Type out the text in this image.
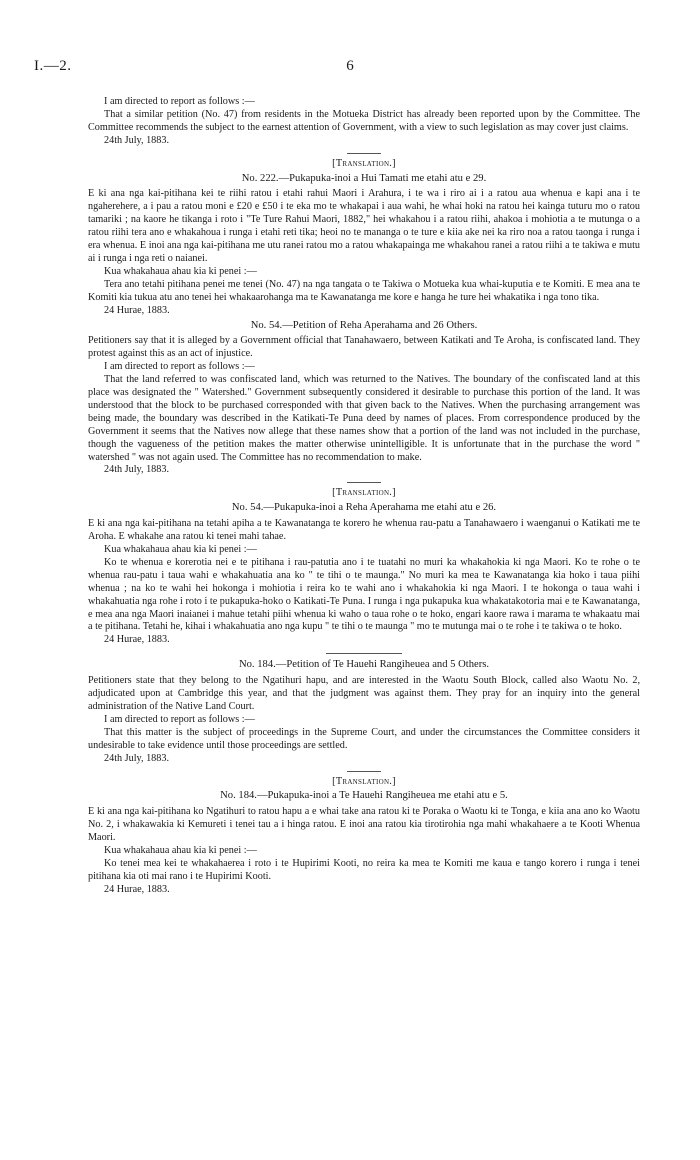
I.—2.	6

I am directed to report as follows :—

That a similar petition (No. 47) from residents in the Motueka District has already been reported upon by the Committee. The Committee recommends the subject to the earnest attention of Government, with a view to such legislation as may cover just claims.

24th July, 1883.

[Translation.]

No. 222.—Pukapuka-inoi a Hui Tamati me etahi atu e 29.

E ki ana nga kai-pitihana kei te riihi ratou i etahi rahui Maori i Arahura, i te wa i riro ai i a ratou aua whenua e kapi ana i te ngaherehere, a i pau a ratou moni e £20 e £50 i te eka mo te whakapai i aua wahi, he whai hoki na ratou hei kainga tuturu mo o ratou tamariki ; na kaore he tikanga i roto i "Te Ture Rahui Maori, 1882," hei whakahou i a ratou riihi, ahakoa i mohiotia a te mutunga o a ratou riihi tera ano e whakahoua i runga i etahi reti tika; heoi no te mananga o te ture e kiia ake nei ka riro noa a ratou taonga i runga i era whenua. E inoi ana nga kai-pitihana me utu ranei ratou mo a ratou whakapainga me whakahou ranei a ratou riihi a te takiwa e mutu ai i runga i nga reti o naianei.

Kua whakahaua ahau kia ki penei :—

Tera ano tetahi pitihana penei me tenei (No. 47) na nga tangata o te Takiwa o Motueka kua whai-kuputia e te Komiti. E mea ana te Komiti kia tukua atu ano tenei hei whakaarohanga ma te Kawanatanga me kore e hanga he ture hei whakatika i nga tono tika.

24 Hurae, 1883.

No. 54.—Petition of Reha Aperahama and 26 Others.

Petitioners say that it is alleged by a Government official that Tanahawaero, between Katikati and Te Aroha, is confiscated land. They protest against this as an act of injustice.

I am directed to report as follows :—

That the land referred to was confiscated land, which was returned to the Natives. The boundary of the confiscated land at this place was designated the " Watershed." Government subsequently considered it desirable to purchase this portion of the land. It was understood that the block to be purchased corresponded with that given back to the Natives. When the purchasing arrangement was being made, the boundary was described in the Katikati-Te Puna deed by names of places. From correspondence produced by the Government it seems that the Natives now allege that these names show that a portion of the land was not included in the purchase, though the vagueness of the petition makes the matter otherwise unintelligible. It is unfortunate that in the purchase the word " watershed " was not again used. The Committee has no recommendation to make.

24th July, 1883.

[Translation.]

No. 54.—Pukapuka-inoi a Reha Aperahama me etahi atu e 26.

E ki ana nga kai-pitihana na tetahi apiha a te Kawanatanga te korero he whenua rau-patu a Tanahawaero i waenganui o Katikati me te Aroha. E whakahe ana ratou ki tenei mahi tahae.

Kua whakahaua ahau kia ki penei :—

Ko te whenua e korerotia nei e te pitihana i rau-patutia ano i te tuatahi no muri ka whakahokia ki nga Maori. Ko te rohe o te whenua rau-patu i taua wahi e whakahuatia ana ko " te tihi o te maunga." No muri ka mea te Kawanatanga kia hoko i taua piihi whenua ; na ko te wahi hei hokonga i mohiotia i reira ko te wahi ano i whakahokia ki nga Maori. I te hokonga o taua wahi i whakahuatia nga rohe i roto i te pukapuka-hoko o Katikati-Te Puna. I runga i nga pukapuka kua whakatakotoria mai e te Kawanatanga, e mea ana nga Maori inaianei i mahue tetahi piihi whenua ki waho o taua rohe o te hoko, engari kaore rawa i marama te whakaatu mai a te pitihana. Tetahi he, kihai i whakahuatia ano nga kupu " te tihi o te maunga " mo te mutunga mai o te rohe i te takiwa o te hoko.

24 Hurae, 1883.

No. 184.—Petition of Te Hauehi Rangiheuea and 5 Others.

Petitioners state that they belong to the Ngatihuri hapu, and are interested in the Waotu South Block, called also Waotu No. 2, adjudicated upon at Cambridge this year, and that the judgment was against them. They pray for an inquiry into the general administration of the Native Land Court.

I am directed to report as follows :—

That this matter is the subject of proceedings in the Supreme Court, and under the circumstances the Committee considers it undesirable to take evidence until those proceedings are settled.

24th July, 1883.

[Translation.]

No. 184.—Pukapuka-inoi a Te Hauehi Rangiheuea me etahi atu e 5.

E ki ana nga kai-pitihana ko Ngatihuri to ratou hapu a e whai take ana ratou ki te Poraka o Waotu ki te Tonga, e kiia ana ano ko Waotu No. 2, i whakawakia ki Kemureti i tenei tau a i hinga ratou. E inoi ana ratou kia tirotirohia nga mahi whakahaere a te Kooti Whenua Maori.

Kua whakahaua ahau kia ki penei :—

Ko tenei mea kei te whakahaerea i roto i te Hupirimi Kooti, no reira ka mea te Komiti me kaua e tango korero i runga i tenei pitihana kia oti mai rano i te Hupirimi Kooti.

24 Hurae, 1883.
